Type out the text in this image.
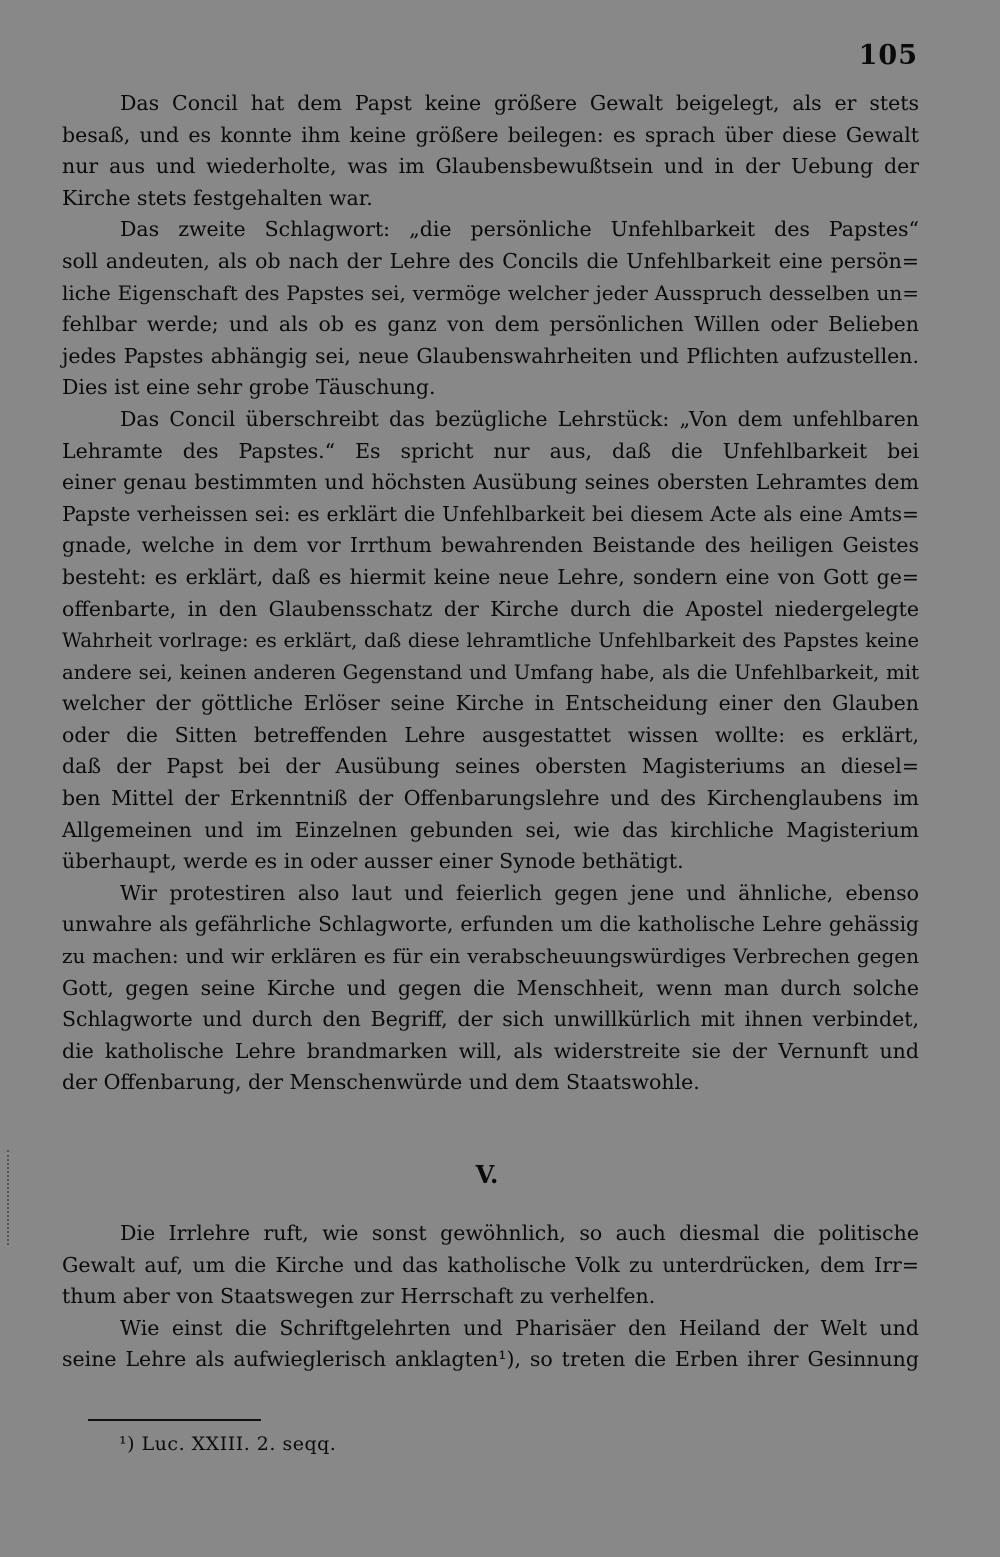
105

Das Concil hat dem Papst keine größere Gewalt beigelegt, als er stets
besaß, und es konnte ihm keine größere beilegen: es sprach über diese Gewalt
nur aus und wiederholte, was im Glaubensbewußtsein und in der Uebung der
Kirche stets festgehalten war.

Das zweite Schlagwort: „die persönliche Unfehlbarkeit des Papstes“
soll andeuten, als ob nach der Lehre des Concils die Unfehlbarkeit eine persön=
liche Eigenschaft des Papstes sei, vermöge welcher jeder Ausspruch desselben un=
fehlbar werde; und als ob es ganz von dem persönlichen Willen oder Belieben
jedes Papstes abhängig sei, neue Glaubenswahrheiten und Pflichten aufzustellen.
Dies ist eine sehr grobe Täuschung.

Das Concil überschreibt das bezügliche Lehrstück: „Von dem unfehlbaren
Lehramte des Papstes.“ Es spricht nur aus, daß die Unfehlbarkeit bei
einer genau bestimmten und höchsten Ausübung seines obersten Lehramtes dem
Papste verheissen sei: es erklärt die Unfehlbarkeit bei diesem Acte als eine Amts=
gnade, welche in dem vor Irrthum bewahrenden Beistande des heiligen Geistes
besteht: es erklärt, daß es hiermit keine neue Lehre, sondern eine von Gott ge=
offenbarte, in den Glaubensschatz der Kirche durch die Apostel niedergelegte
Wahrheit vorlrage: es erklärt, daß diese lehramtliche Unfehlbarkeit des Papstes keine
andere sei, keinen anderen Gegenstand und Umfang habe, als die Unfehlbarkeit, mit
welcher der göttliche Erlöser seine Kirche in Entscheidung einer den Glauben
oder die Sitten betreffenden Lehre ausgestattet wissen wollte: es erklärt,
daß der Papst bei der Ausübung seines obersten Magisteriums an diesel=
ben Mittel der Erkenntniß der Offenbarungslehre und des Kirchenglaubens im
Allgemeinen und im Einzelnen gebunden sei, wie das kirchliche Magisterium
überhaupt, werde es in oder ausser einer Synode bethätigt.

Wir protestiren also laut und feierlich gegen jene und ähnliche, ebenso
unwahre als gefährliche Schlagworte, erfunden um die katholische Lehre gehässig
zu machen: und wir erklären es für ein verabscheuungswürdiges Verbrechen gegen
Gott, gegen seine Kirche und gegen die Menschheit, wenn man durch solche
Schlagworte und durch den Begriff, der sich unwillkürlich mit ihnen verbindet,
die katholische Lehre brandmarken will, als widerstreite sie der Vernunft und
der Offenbarung, der Menschenwürde und dem Staatswohle.

V.

Die Irrlehre ruft, wie sonst gewöhnlich, so auch diesmal die politische
Gewalt auf, um die Kirche und das katholische Volk zu unterdrücken, dem Irr=
thum aber von Staatswegen zur Herrschaft zu verhelfen.

Wie einst die Schriftgelehrten und Pharisäer den Heiland der Welt und
seine Lehre als aufwieglerisch anklagten¹), so treten die Erben ihrer Gesinnung

¹) Luc. XXIII. 2. seqq.
